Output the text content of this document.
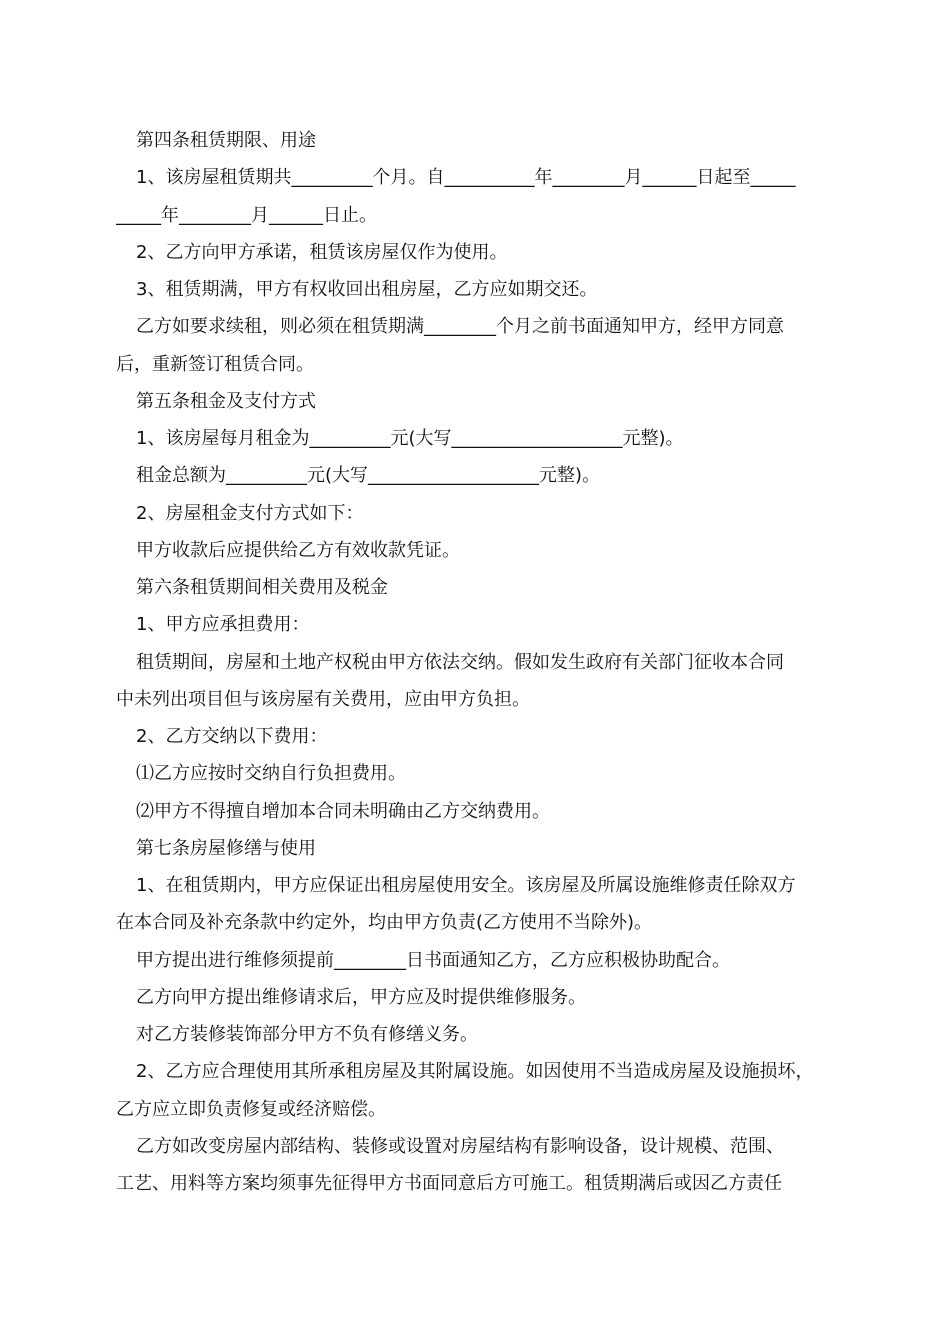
第四条租赁期限、用途
1、该房屋租赁期共_________个月。自__________年________月______日起至_____
_____年________月______日止。
2、乙方向甲方承诺，租赁该房屋仅作为使用。
3、租赁期满，甲方有权收回出租房屋，乙方应如期交还。
乙方如要求续租，则必须在租赁期满________个月之前书面通知甲方，经甲方同意
后，重新签订租赁合同。
第五条租金及支付方式
1、该房屋每月租金为_________元(大写___________________元整)。
租金总额为_________元(大写___________________元整)。
2、房屋租金支付方式如下：
甲方收款后应提供给乙方有效收款凭证。
第六条租赁期间相关费用及税金
1、甲方应承担费用：
租赁期间，房屋和土地产权税由甲方依法交纳。假如发生政府有关部门征收本合同
中未列出项目但与该房屋有关费用，应由甲方负担。
2、乙方交纳以下费用：
⑴乙方应按时交纳自行负担费用。
⑵甲方不得擅自增加本合同未明确由乙方交纳费用。
第七条房屋修缮与使用
1、在租赁期内，甲方应保证出租房屋使用安全。该房屋及所属设施维修责任除双方
在本合同及补充条款中约定外，均由甲方负责(乙方使用不当除外)。
甲方提出进行维修须提前________日书面通知乙方，乙方应积极协助配合。
乙方向甲方提出维修请求后，甲方应及时提供维修服务。
对乙方装修装饰部分甲方不负有修缮义务。
2、乙方应合理使用其所承租房屋及其附属设施。如因使用不当造成房屋及设施损坏，
乙方应立即负责修复或经济赔偿。
乙方如改变房屋内部结构、装修或设置对房屋结构有影响设备，设计规模、范围、
工艺、用料等方案均须事先征得甲方书面同意后方可施工。租赁期满后或因乙方责任
